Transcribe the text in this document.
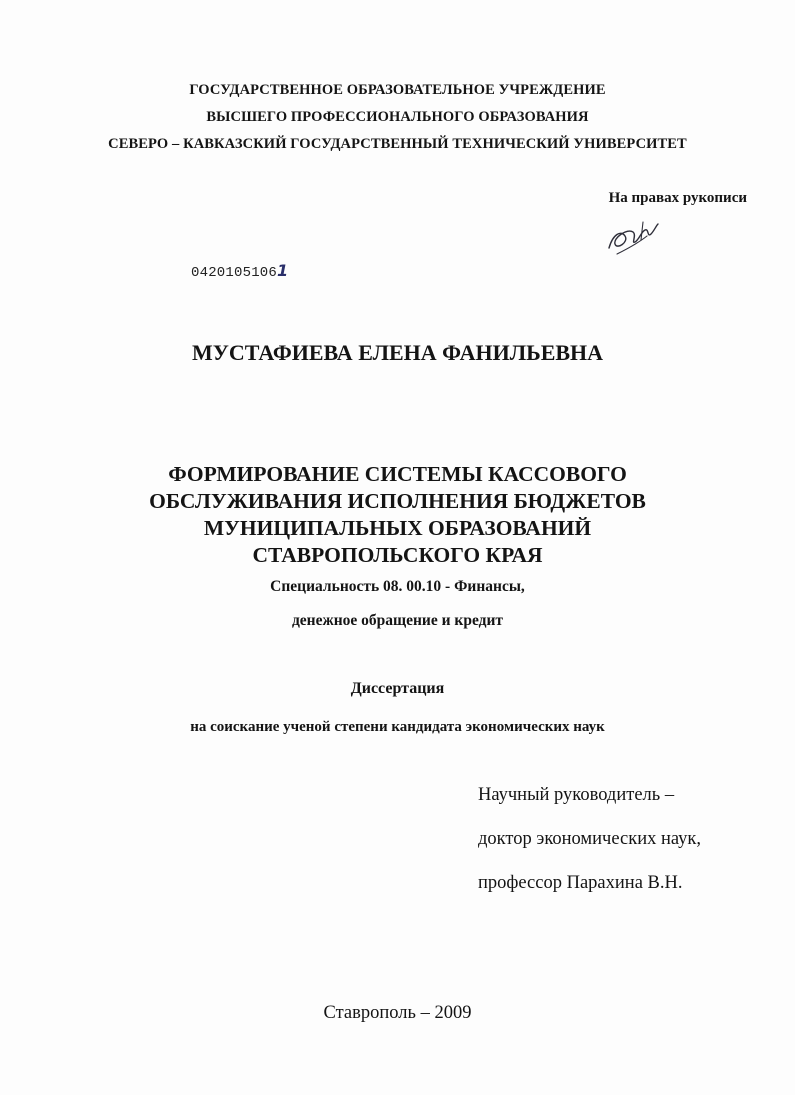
ГОСУДАРСТВЕННОЕ ОБРАЗОВАТЕЛЬНОЕ УЧРЕЖДЕНИЕ
ВЫСШЕГО ПРОФЕССИОНАЛЬНОГО ОБРАЗОВАНИЯ
СЕВЕРО – КАВКАЗСКИЙ ГОСУДАРСТВЕННЫЙ ТЕХНИЧЕСКИЙ УНИВЕРСИТЕТ
На правах рукописи
04201051061
МУСТАФИЕВА ЕЛЕНА ФАНИЛЬЕВНА
ФОРМИРОВАНИЕ СИСТЕМЫ КАССОВОГО
ОБСЛУЖИВАНИЯ ИСПОЛНЕНИЯ БЮДЖЕТОВ
МУНИЦИПАЛЬНЫХ ОБРАЗОВАНИЙ
СТАВРОПОЛЬСКОГО КРАЯ
Специальность 08. 00.10 - Финансы,
денежное обращение и кредит
Диссертация
на соискание ученой степени кандидата экономических наук
Научный руководитель –
доктор экономических наук,
профессор Парахина В.Н.
Ставрополь – 2009
